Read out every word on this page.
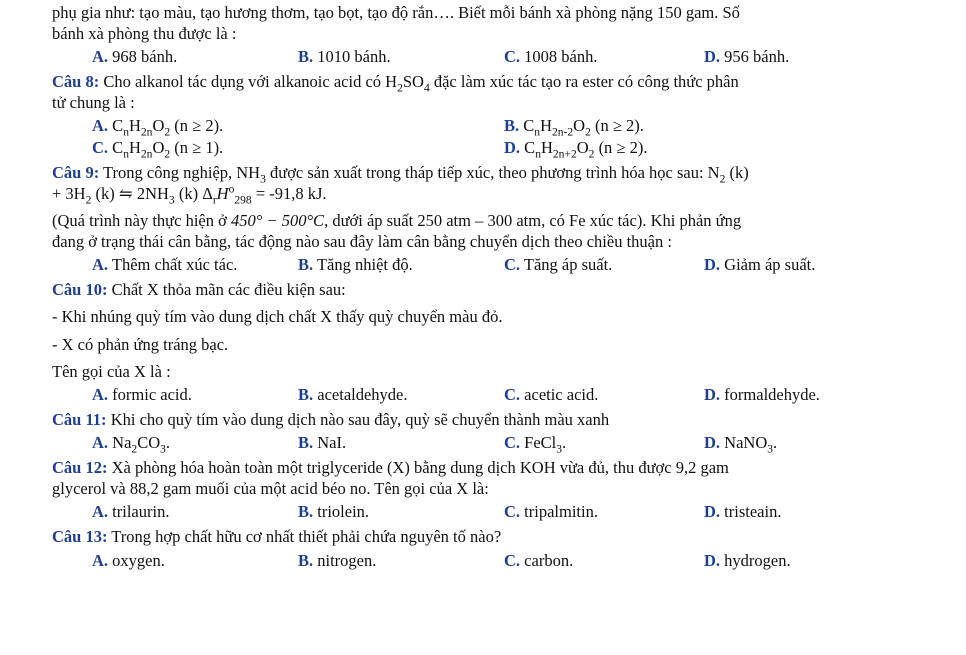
phụ gia như: tạo màu, tạo hương thơm, tạo bọt, tạo độ rắn…. Biết mỗi bánh xà phòng nặng 150 gam. Số

bánh xà phòng thu được là :

A. 968 bánh.	B. 1010 bánh.	C. 1008 bánh.	D. 956 bánh.

Câu 8: Cho alkanol tác dụng với alkanoic acid có $H_2SO_4$ đặc làm xúc tác tạo ra ester có công thức phân

tử chung là :

A. $C_nH_{2n}O_2$ (n ≥ 2).	B. $C_nH_{2n-2}O_2$ (n ≥ 2).
C. $C_nH_{2n}O_2$ (n ≥ 1).	D. $C_nH_{2n+2}O_2$ (n ≥ 2).

Câu 9: Trong công nghiệp, $NH_3$ được sản xuất trong tháp tiếp xúc, theo phương trình hóa học sau: $N_2$ (k)

+ $3H_2$ (k) ⇋ $2NH_3$ (k) $\Delta_rH^o_{298} = -91,8$ kJ.

(Quá trình này thực hiện ở 450° − 500°C, dưới áp suất 250 atm – 300 atm, có Fe xúc tác). Khi phản ứng

đang ở trạng thái cân bằng, tác động nào sau đây làm cân bằng chuyển dịch theo chiều thuận :

A. Thêm chất xúc tác.	B. Tăng nhiệt độ.	C. Tăng áp suất.	D. Giảm áp suất.

Câu 10: Chất X thỏa mãn các điều kiện sau:

- Khi nhúng quỳ tím vào dung dịch chất X thấy quỳ chuyển màu đỏ.

- X có phản ứng tráng bạc.

Tên gọi của X là :

A. formic acid.	B. acetaldehyde.	C. acetic acid.	D. formaldehyde.

Câu 11: Khi cho quỳ tím vào dung dịch nào sau đây, quỳ sẽ chuyển thành màu xanh

A. $Na_2CO_3$.	B. NaI.	C. FeCl$_3$.	D. NaNO$_3$.

Câu 12: Xà phòng hóa hoàn toàn một triglyceride (X) bằng dung dịch KOH vừa đủ, thu được 9,2 gam

glycerol và 88,2 gam muối của một acid béo no. Tên gọi của X là:

A. trilaurin.	B. triolein.	C. tripalmitin.	D. tristeain.

Câu 13: Trong hợp chất hữu cơ nhất thiết phải chứa nguyên tố nào?

A. oxygen.	B. nitrogen.	C. carbon.	D. hydrogen.
